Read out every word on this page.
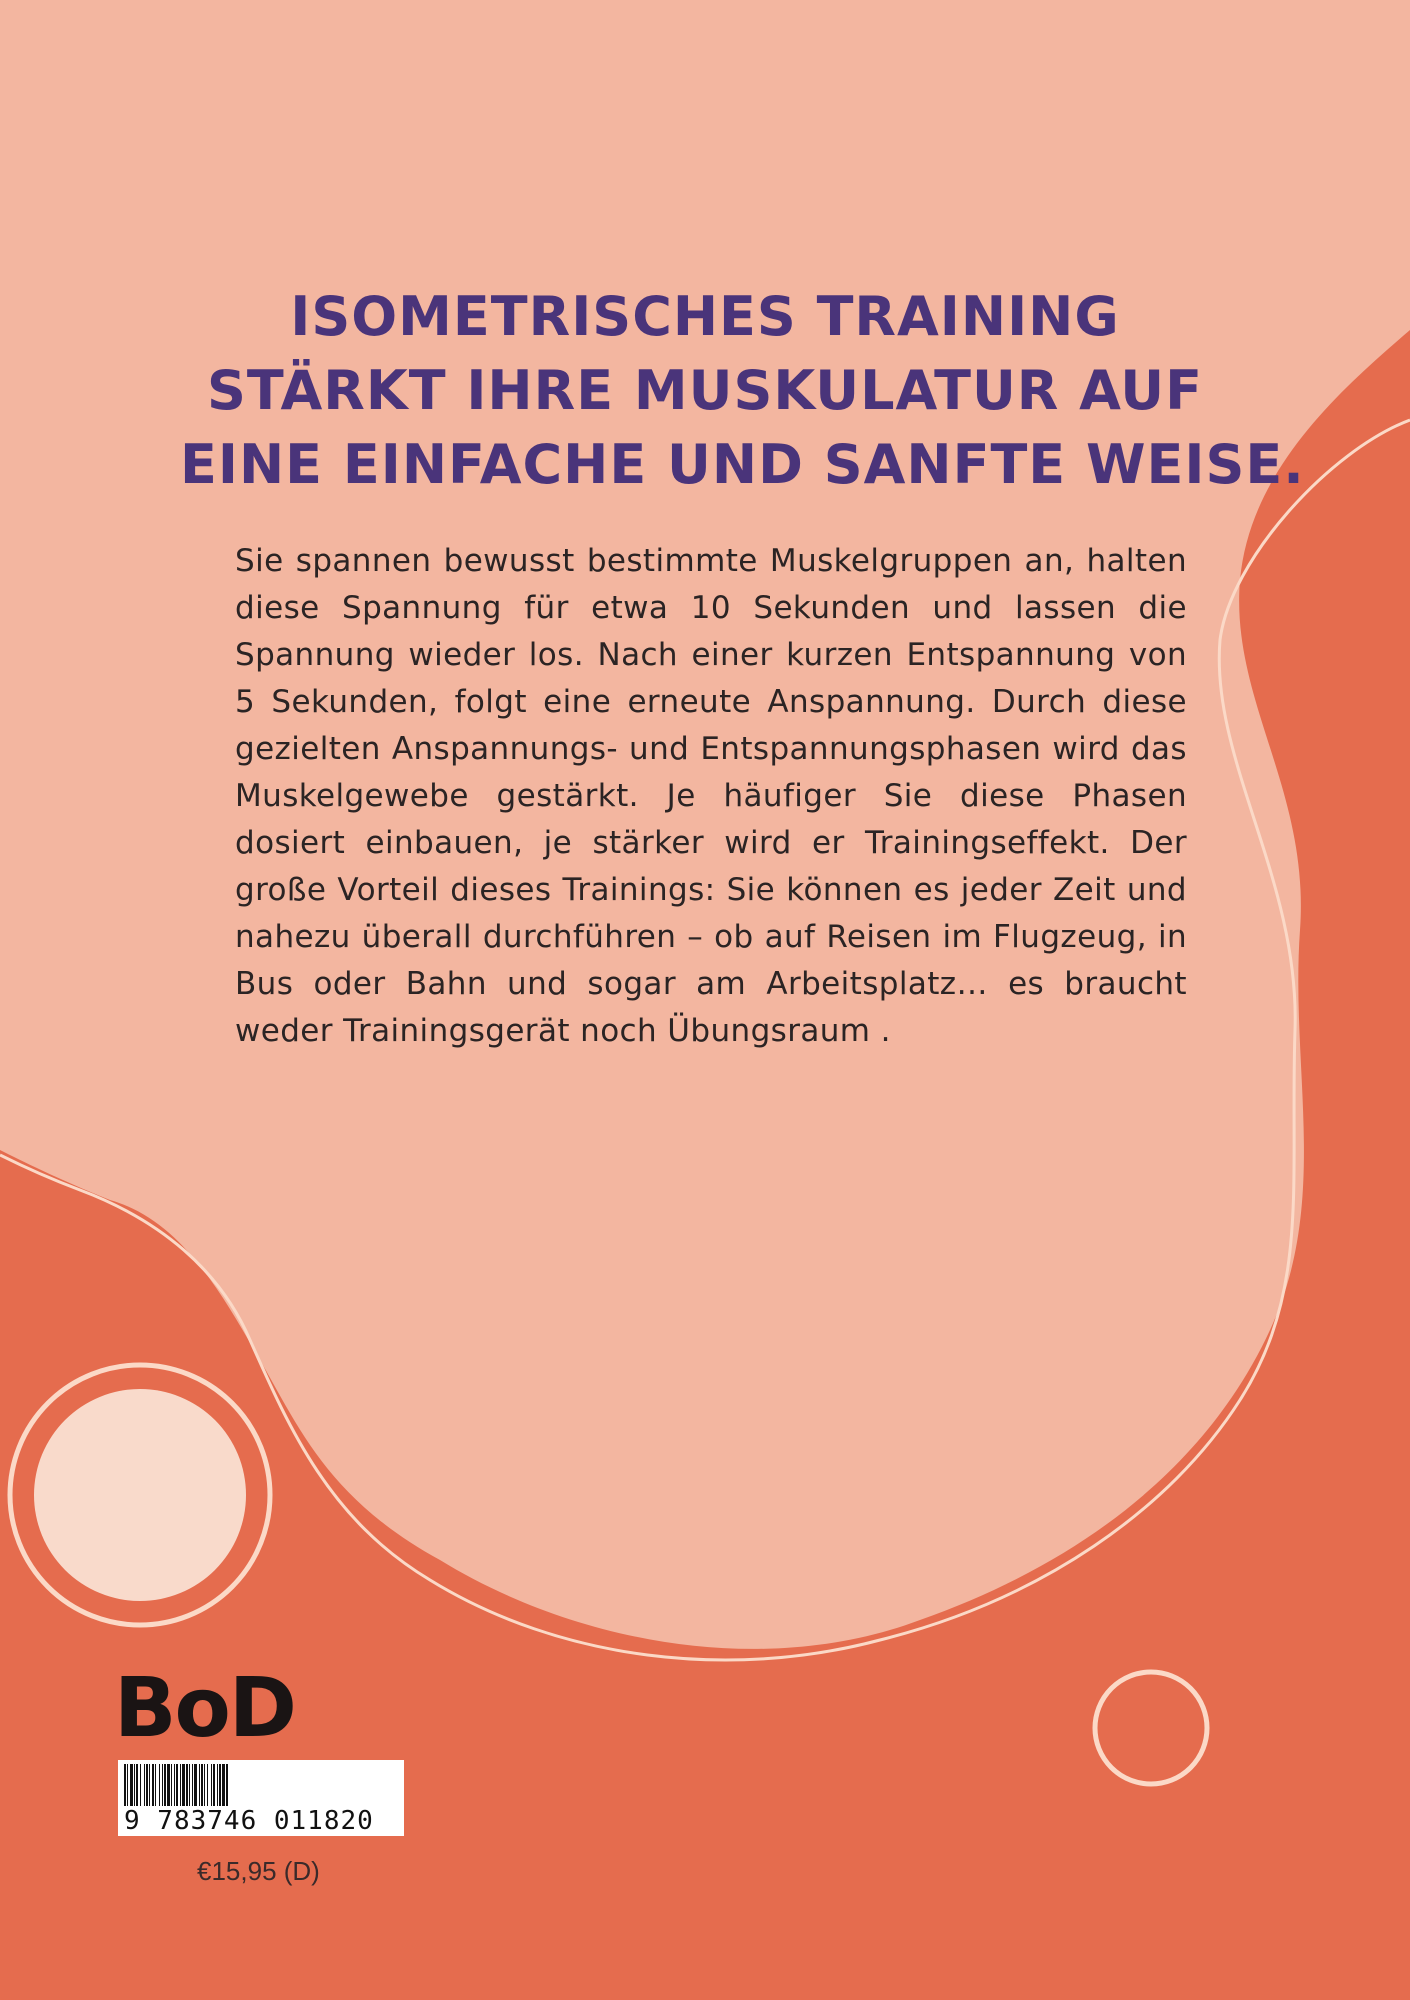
ISOMETRISCHES TRAINING
STÄRKT IHRE MUSKULATUR AUF
EINE EINFACHE UND SANFTE WEISE.
Sie spannen bewusst bestimmte Muskelgruppen an, halten diese Spannung für etwa 10 Sekunden und lassen die Spannung wieder los. Nach einer kurzen Entspannung von 5 Sekunden, folgt eine erneute Anspannung. Durch diese gezielten Anspannungs- und Entspannungsphasen wird das Muskelgewebe gestärkt. Je häufiger Sie diese Phasen dosiert einbauen, je stärker wird er Trainingseffekt. Der große Vorteil dieses Trainings: Sie können es jeder Zeit und nahezu überall durchführen – ob auf Reisen im Flugzeug, in Bus oder Bahn und sogar am Arbeitsplatz… es braucht weder Trainingsgerät noch Übungsraum .
BoD
9 783746 011820
€15,95 (D)
